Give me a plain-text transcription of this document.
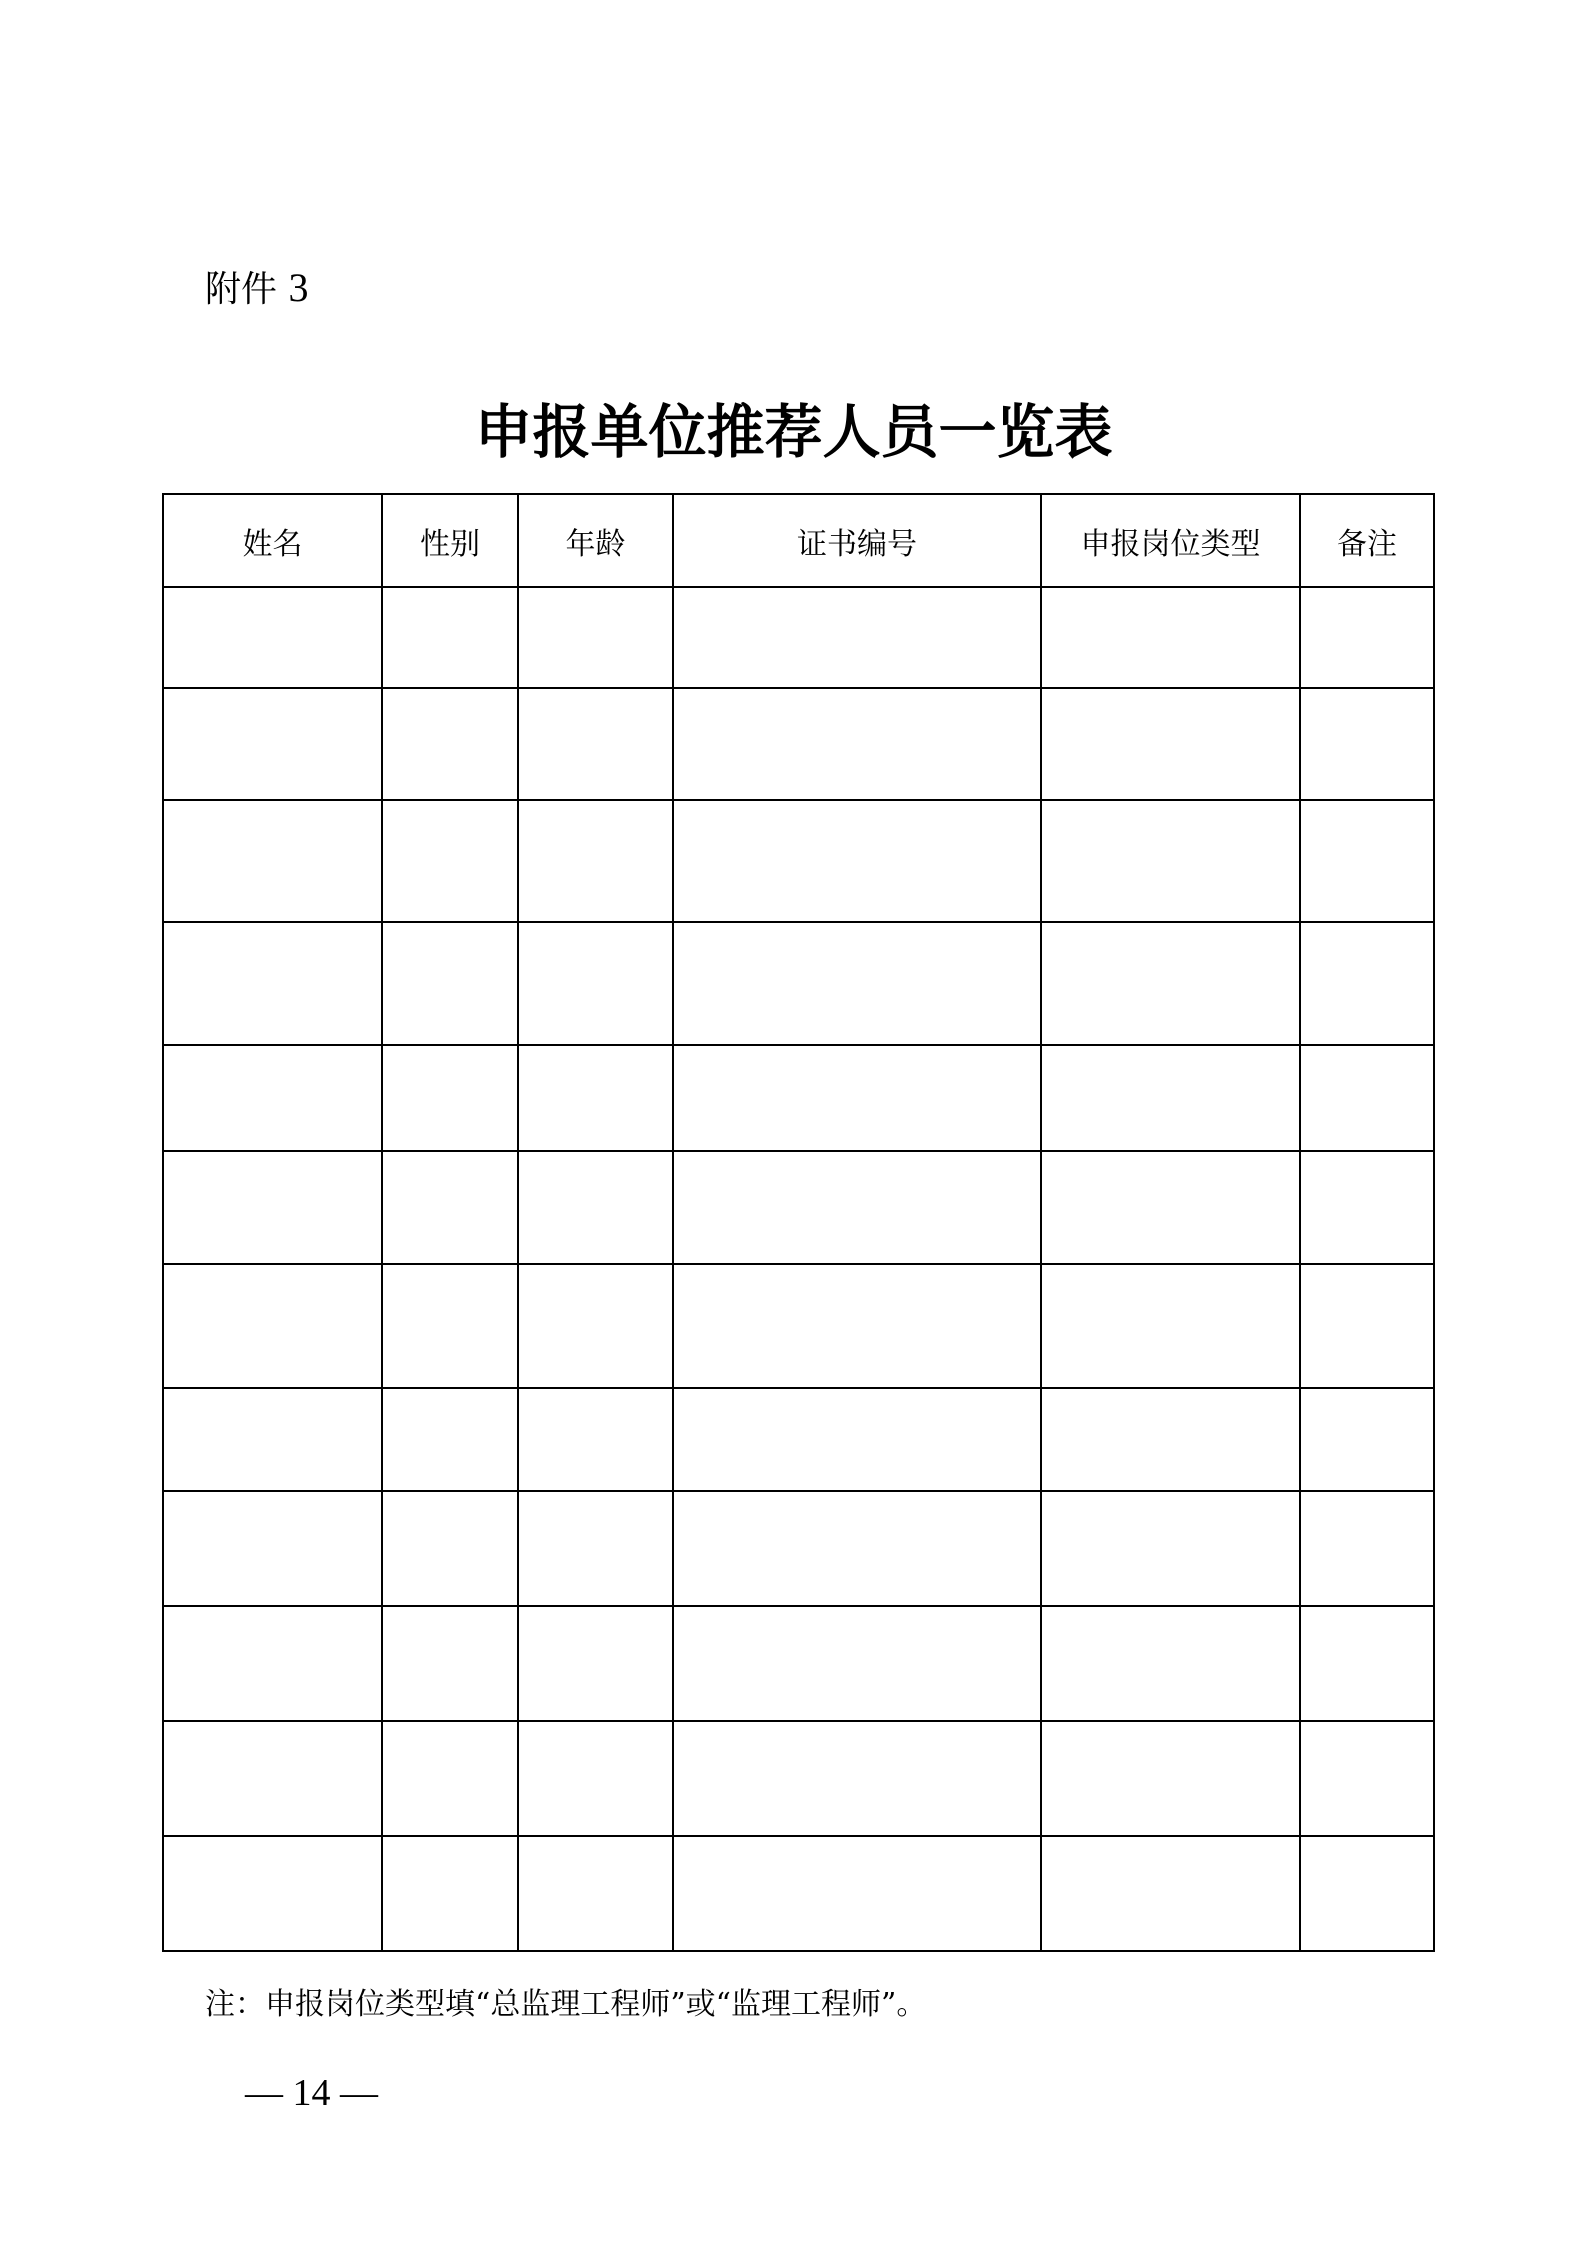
附件 3
申报单位推荐人员一览表
姓名	性别	年龄	证书编号	申报岗位类型	备注

注：申报岗位类型填“总监理工程师”或“监理工程师”。
— 14 —
